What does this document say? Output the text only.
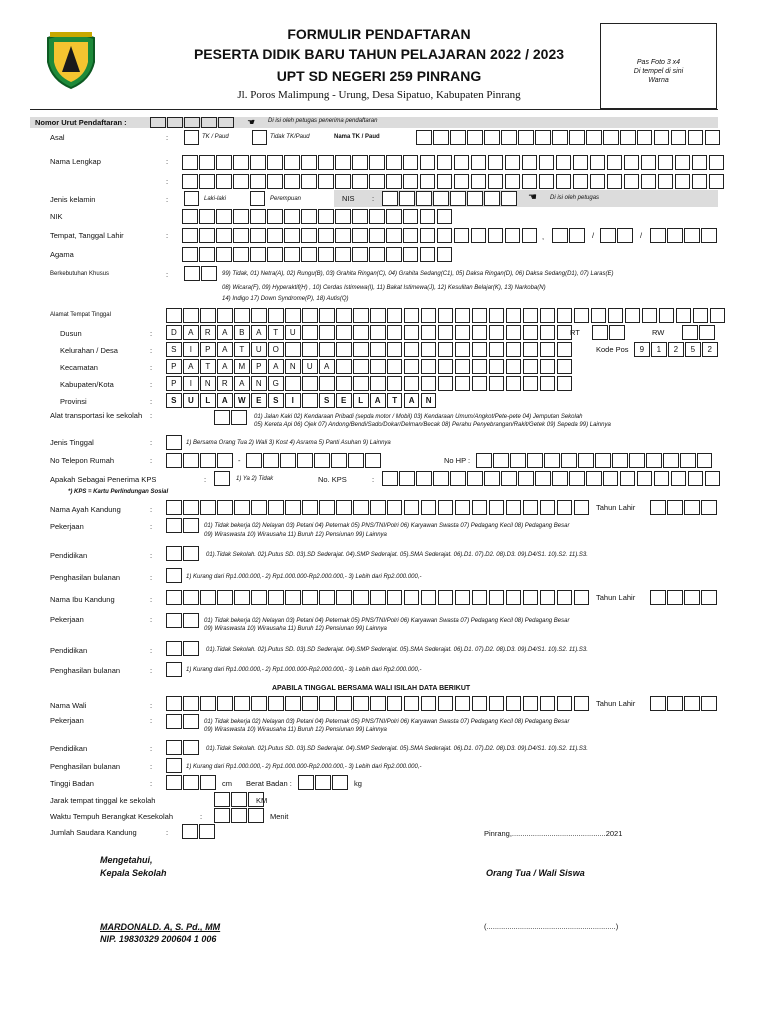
FORMULIR PENDAFTARAN
PESERTA DIDIK BARU TAHUN PELAJARAN 2022 / 2023
UPT SD NEGERI 259 PINRANG
Jl. Poros Malimpung - Urung, Desa Sipatuo, Kabupaten Pinrang
Pas Foto 3 x4
Di tempel di sini
Warna
Nomor Urut Pendaftaran :	☚ Di isi oleh petugas penerima pendaftaran
Asal	:	TK / Paud	Tidak TK/Paud	Nama TK / Paud
Nama Lengkap	:
:
Jenis kelamin	:	Laki-laki	Perempuan	NIS :	☚ Di isi oleh petugas
NIK
Tempat, Tanggal Lahir	:	,	/	/
Agama
Berkebutuhan Khusus	:	99) Tidak, 01) Netra(A), 02) Rungu(B), 03) Grahita Ringan(C), 04) Grahita Sedang(C1), 05) Daksa Ringan(D), 06) Daksa Sedang(D1), 07) Laras(E)
08) Wicara(F), 09) Hyperaktif(H) , 10) Cerdas Istimewa(I), 11) Bakat Istimewa(J), 12) Kesulitan Belajar(K), 13) Narkoba(N)
14) Indigo 17) Down Syndrome(P), 18) Autis(Q)
Alamat Tempat Tinggal
Dusun	:	D	A	R	A	B	A	T	U	RT	RW
Kelurahan / Desa	:	S	I	P	A	T	U	O	Kode Pos	9	1	2	5	2
Kecamatan	:	P	A	T	A	M	P	A	N	U	A
Kabupaten/Kota	:	P	I	N	R	A	N	G
Provinsi	:	S	U	L	A	W	E	S	I	S	E	L	A	T	A	N
Alat transportasi ke sekolah :	01) Jalan Kaki 02) Kendaraan Pribadi (sepda motor / Mobil) 03) Kendaraan Umum/Angkot/Pete-pete 04) Jemputan Sekolah
05) Kereta Api 06) Ojek 07) Andong/Bendi/Sado/Dokar/Delman/Becak 08) Perahu Penyebrangan/Rakit/Getek 09) Sepeda 99) Lainnya
Jenis Tinggal	:	1) Bersama Orang Tua 2) Wali 3) Kost 4) Asrama 5) Panti Asuhan 9) Lainnya
No Telepon Rumah	:	-	No HP :
Apakah Sebagai Penerima KPS	:	1) Ya 2) Tidak	No. KPS	:
*) KPS = Kartu Perlindungan Sosial
Nama Ayah Kandung	:	Tahun Lahir
Pekerjaan	:	01) Tidak bekerja 02) Nelayan 03) Petani 04) Peternak 05) PNS/TNI/Polri 06) Karyawan Swasta 07) Pedagang Kecil 08) Pedagang Besar
09) Wiraswasta 10) Wirausaha 11) Buruh 12) Pensiunan 99) Lainnya
Pendidikan	:	01).Tidak Sekolah. 02).Putus SD. 03).SD Sederajat. 04).SMP Sederajat. 05).SMA Sederajat. 06).D1. 07).D2. 08).D3. 09).D4/S1. 10).S2. 11).S3.
Penghasilan bulanan	:	1) Kurang dari Rp1.000.000,- 2) Rp1.000.000-Rp2.000.000,- 3) Lebih dari Rp2.000.000,-
Nama Ibu Kandung	:	Tahun Lahir
Pekerjaan	:	01) Tidak bekerja 02) Nelayan 03) Petani 04) Peternak 05) PNS/TNI/Polri 06) Karyawan Swasta 07) Pedagang Kecil 08) Pedagang Besar
09) Wiraswasta 10) Wirausaha 11) Buruh 12) Pensiunan 99) Lainnya
Pendidikan	:	01).Tidak Sekolah. 02).Putus SD. 03).SD Sederajat. 04).SMP Sederajat. 05).SMA Sederajat. 06).D1. 07).D2. 08).D3. 09).D4/S1. 10).S2. 11).S3.
Penghasilan bulanan	:	1) Kurang dari Rp1.000.000,- 2) Rp1.000.000-Rp2.000.000,- 3) Lebih dari Rp2.000.000,-
APABILA TINGGAL BERSAMA WALI ISILAH DATA BERIKUT
Nama Wali	:	Tahun Lahir
Pekerjaan	:	01) Tidak bekerja 02) Nelayan 03) Petani 04) Peternak 05) PNS/TNI/Polri 06) Karyawan Swasta 07) Pedagang Kecil 08) Pedagang Besar
09) Wiraswasta 10) Wirausaha 11) Buruh 12) Pensiunan 99) Lainnya
Pendidikan	:	01).Tidak Sekolah. 02).Putus SD. 03).SD Sederajat. 04).SMP Sederajat. 05).SMA Sederajat. 06).D1. 07).D2. 08).D3. 09).D4/S1. 10).S2. 11).S3.
Penghasilan bulanan	:	1) Kurang dari Rp1.000.000,- 2) Rp1.000.000-Rp2.000.000,- 3) Lebih dari Rp2.000.000,-
Tinggi Badan	:	cm Berat Badan :	kg
Jarak tempat tinggal ke sekolah	KM
Waktu Tempuh Berangkat Kesekolah	:	Menit
Jumlah Saudara Kandung	:	Pinrang,.............................................2021
Mengetahui,
Kepala Sekolah	Orang Tua / Wali Siswa
MARDONALD. A, S. Pd., MM
NIP. 19830329 200604 1 006
(..............................................................)
